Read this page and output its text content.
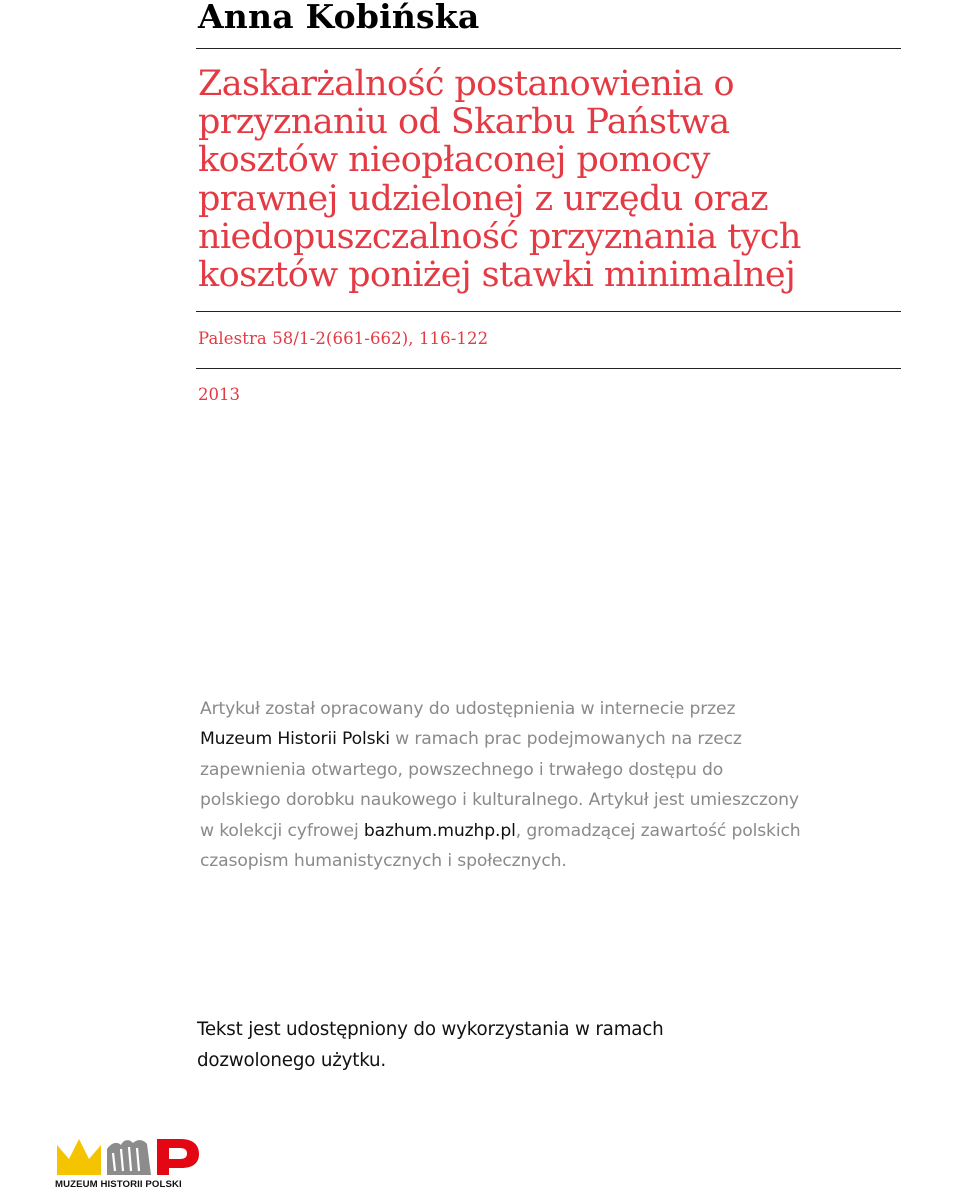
Anna Kobińska
Zaskarżalność postanowienia o
przyznaniu od Skarbu Państwa
kosztów nieopłaconej pomocy
prawnej udzielonej z urzędu oraz
niedopuszczalność przyznania tych
kosztów poniżej stawki minimalnej
Palestra 58/1-2(661-662), 116-122
2013
Artykuł został opracowany do udostępnienia w internecie przez
Muzeum Historii Polski w ramach prac podejmowanych na rzecz
zapewnienia otwartego, powszechnego i trwałego dostępu do
polskiego dorobku naukowego i kulturalnego. Artykuł jest umieszczony
w kolekcji cyfrowej bazhum.muzhp.pl, gromadzącej zawartość polskich
czasopism humanistycznych i społecznych.
Tekst jest udostępniony do wykorzystania w ramach
dozwolonego użytku.
MUZEUM HISTORII POLSKI
